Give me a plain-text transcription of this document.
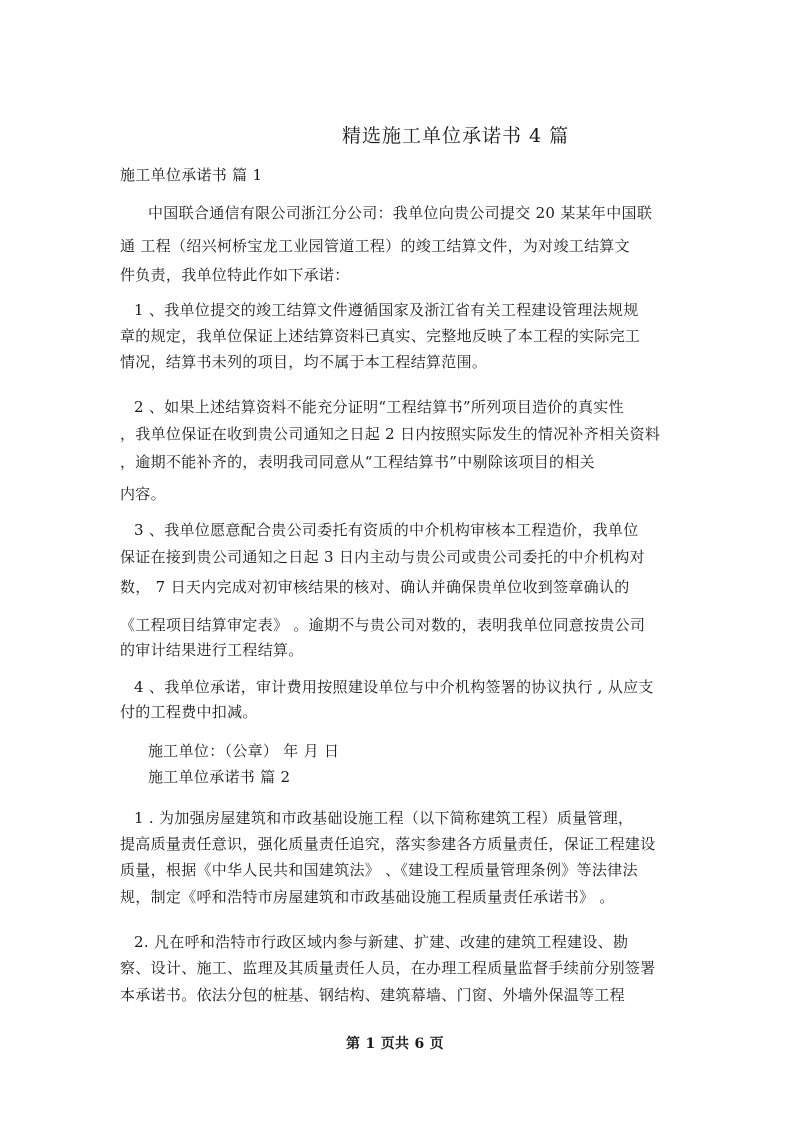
精选施工单位承诺书 4 篇
施工单位承诺书 篇 1
中国联合通信有限公司浙江分公司：我单位向贵公司提交 20 某某年中国联
通 工程（绍兴柯桥宝龙工业园管道工程）的竣工结算文件，为对竣工结算文
件负责，我单位特此作如下承诺：
1 、我单位提交的竣工结算文件遵循国家及浙江省有关工程建设管理法规规
章的规定，我单位保证上述结算资料已真实、完整地反映了本工程的实际完工
情况，结算书未列的项目，均不属于本工程结算范围。
2 、如果上述结算资料不能充分证明“工程结算书”所列项目造价的真实性
，我单位保证在收到贵公司通知之日起 2 日内按照实际发生的情况补齐相关资料
，逾期不能补齐的，表明我司同意从“工程结算书”中剔除该项目的相关
内容。
3 、我单位愿意配合贵公司委托有资质的中介机构审核本工程造价，我单位
保证在接到贵公司通知之日起 3 日内主动与贵公司或贵公司委托的中介机构对
数， 7 日天内完成对初审核结果的核对、确认并确保贵单位收到签章确认的
《工程项目结算审定表》 。逾期不与贵公司对数的，表明我单位同意按贵公司
的审计结果进行工程结算。
4 、我单位承诺，审计费用按照建设单位与中介机构签署的协议执行 , 从应支
付的工程费中扣减。
施工单位：（公章） 年 月 日
施工单位承诺书 篇 2
1 . 为加强房屋建筑和市政基础设施工程（以下简称建筑工程）质量管理，
提高质量责任意识，强化质量责任追究，落实参建各方质量责任，保证工程建设
质量，根据《中华人民共和国建筑法》 、《建设工程质量管理条例》等法律法
规，制定《呼和浩特市房屋建筑和市政基础设施工程质量责任承诺书》 。
2. 凡在呼和浩特市行政区域内参与新建、扩建、改建的建筑工程建设、勘
察、设计、施工、监理及其质量责任人员，在办理工程质量监督手续前分别签署
本承诺书。依法分包的桩基、钢结构、建筑幕墙、门窗、外墙外保温等工程
第 1 页共 6 页
